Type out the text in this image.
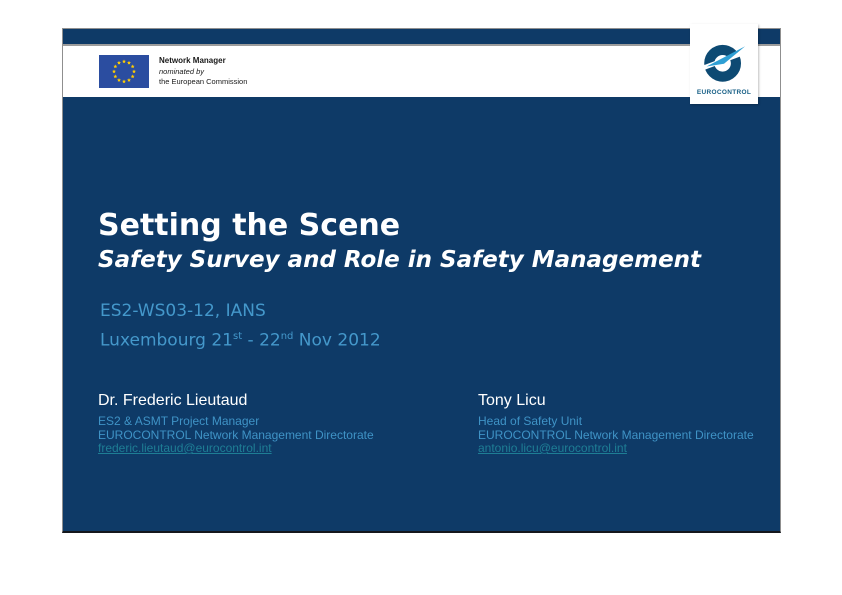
Network Manager
nominated by
the European Commission
EUROCONTROL
Setting the Scene
Safety Survey and Role in Safety Management
ES2-WS03-12, IANS
Luxembourg 21st - 22nd Nov 2012
Dr. Frederic Lieutaud
ES2 & ASMT Project Manager
EUROCONTROL Network Management Directorate
frederic.lieutaud@eurocontrol.int
Tony Licu
Head of Safety Unit
EUROCONTROL Network Management Directorate
antonio.licu@eurocontrol.int
